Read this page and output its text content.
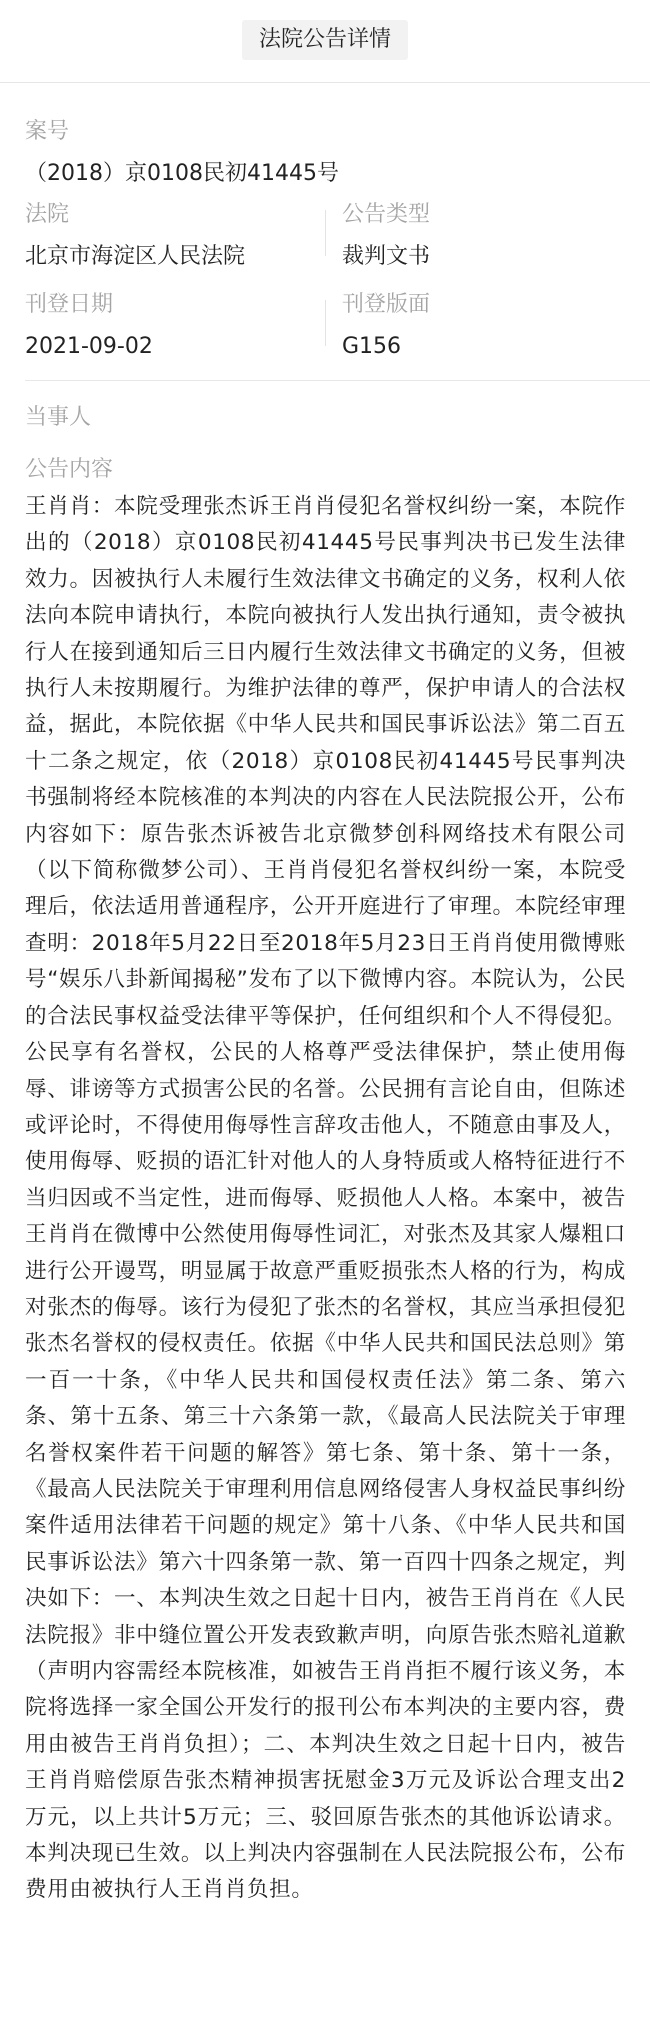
法院公告详情
案号
（2018）京0108民初41445号
法院
北京市海淀区人民法院
公告类型
裁判文书
刊登日期
2021-09-02
刊登版面
G156
当事人
公告内容
王肖肖：本院受理张杰诉王肖肖侵犯名誉权纠纷一案，本院作出的（2018）京0108民初41445号民事判决书已发生法律效力。因被执行人未履行生效法律文书确定的义务，权利人依法向本院申请执行，本院向被执行人发出执行通知，责令被执行人在接到通知后三日内履行生效法律文书确定的义务，但被执行人未按期履行。为维护法律的尊严，保护申请人的合法权益，据此，本院依据《中华人民共和国民事诉讼法》第二百五十二条之规定，依（2018）京0108民初41445号民事判决书强制将经本院核准的本判决的内容在人民法院报公开，公布内容如下：原告张杰诉被告北京微梦创科网络技术有限公司（以下简称微梦公司）、王肖肖侵犯名誉权纠纷一案，本院受理后，依法适用普通程序，公开开庭进行了审理。本院经审理查明：2018年5月22日至2018年5月23日王肖肖使用微博账号“娱乐八卦新闻揭秘”发布了以下微博内容。本院认为，公民的合法民事权益受法律平等保护，任何组织和个人不得侵犯。公民享有名誉权，公民的人格尊严受法律保护，禁止使用侮辱、诽谤等方式损害公民的名誉。公民拥有言论自由，但陈述或评论时，不得使用侮辱性言辞攻击他人，不随意由事及人，使用侮辱、贬损的语汇针对他人的人身特质或人格特征进行不当归因或不当定性，进而侮辱、贬损他人人格。本案中，被告王肖肖在微博中公然使用侮辱性词汇，对张杰及其家人爆粗口进行公开谩骂，明显属于故意严重贬损张杰人格的行为，构成对张杰的侮辱。该行为侵犯了张杰的名誉权，其应当承担侵犯张杰名誉权的侵权责任。依据《中华人民共和国民法总则》第一百一十条，《中华人民共和国侵权责任法》第二条、第六条、第十五条、第三十六条第一款，《最高人民法院关于审理名誉权案件若干问题的解答》第七条、第十条、第十一条，《最高人民法院关于审理利用信息网络侵害人身权益民事纠纷案件适用法律若干问题的规定》第十八条、《中华人民共和国民事诉讼法》第六十四条第一款、第一百四十四条之规定，判决如下：一、本判决生效之日起十日内，被告王肖肖在《人民法院报》非中缝位置公开发表致歉声明，向原告张杰赔礼道歉（声明内容需经本院核准，如被告王肖肖拒不履行该义务，本院将选择一家全国公开发行的报刊公布本判决的主要内容，费用由被告王肖肖负担）；二、本判决生效之日起十日内，被告王肖肖赔偿原告张杰精神损害抚慰金3万元及诉讼合理支出2万元，以上共计5万元；三、驳回原告张杰的其他诉讼请求。本判决现已生效。以上判决内容强制在人民法院报公布，公布费用由被执行人王肖肖负担。
